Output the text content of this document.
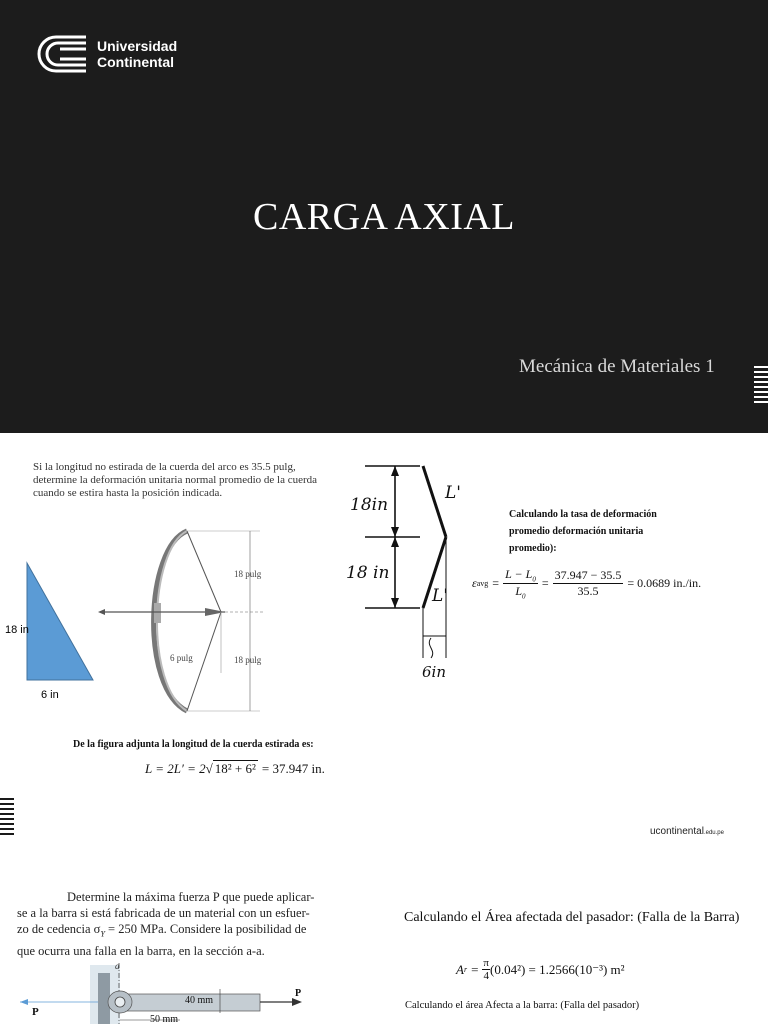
Universidad
Continental
CARGA AXIAL
Mecánica de Materiales 1
Si la longitud no estirada de la cuerda del arco es 35.5 pulg, determine la deformación unitaria normal promedio de la cuerda cuando se estira hasta la posición indicada.
18 in
6 in
18 pulg
18 pulg
6 pulg
18in
18 in
L'
L'
6in
Calculando la tasa de deformación
promedio deformación unitaria
promedio):
ε avg = $\frac{L - L_0}{L_0} = \frac{37.947 - 35.5}{35.5} = 0.0689$ in./in.
De la figura adjunta la longitud de la cuerda estirada es:
L = 2L′ = 2 √ 18² + 6² = 37.947 in.
ucontinental.edu.pe
Determine la máxima fuerza P que puede aplicar-
se a la barra si está fabricada de un material con un esfuer-
zo de cedencia $\sigma_Y = 250$ MPa. Considere la posibilidad de
que ocurra una falla en la barra, en la sección a-a.
a
P
P
40 mm
50 mm
Calculando el Área afectada del pasador: (Falla de la Barra)
A $r = \frac{\pi}{4} (0.04^2) = 1.2566(10^{-3})$ m²
Calculando el área Afecta a la barra: (Falla del pasador)
